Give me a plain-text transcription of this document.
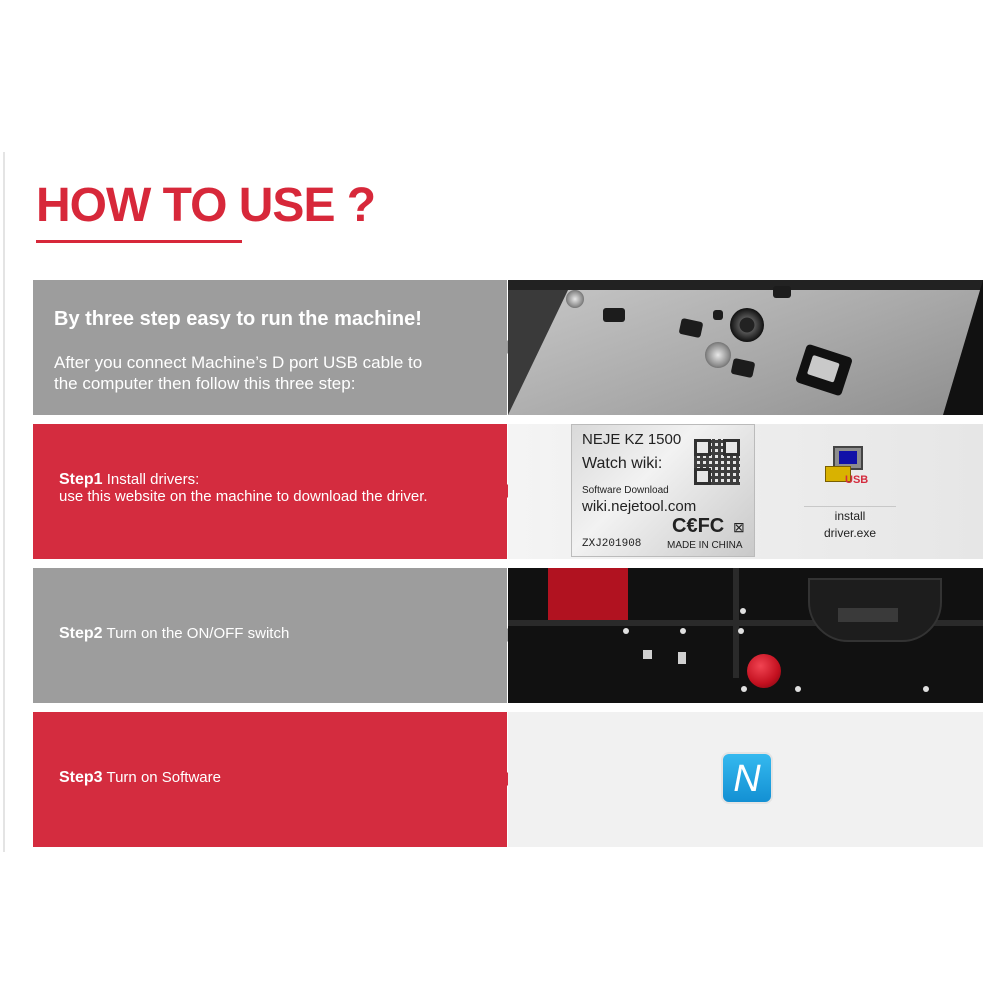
HOW TO USE ?
By three step easy to run the machine!
After you connect Machine’s D port USB cable to
the computer then follow this three step:
Step1 Install drivers:
use this website on the machine to download the driver.
NEJE KZ 1500
Watch wiki:
Software Download
wiki.nejetool.com
C€FC ⊠
ZXJ201908	MADE IN CHINA
USB
install
driver.exe
Step2 Turn on the ON/OFF switch
Step3 Turn on Software	N
